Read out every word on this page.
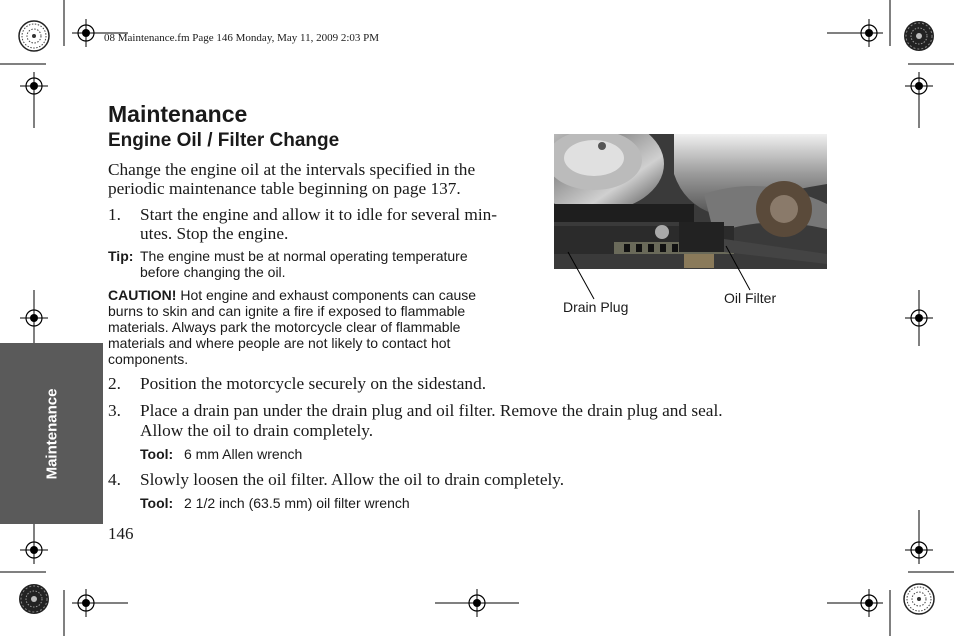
08 Maintenance.fm Page 146 Monday, May 11, 2009 2:03 PM
Maintenance
Maintenance
Engine Oil / Filter Change
Change the engine oil at the intervals specified in the
periodic maintenance table beginning on page 137.
1. Start the engine and allow it to idle for several min-
utes. Stop the engine.
Tip: The engine must be at normal operating temperature
before changing the oil.
CAUTION! Hot engine and exhaust components can cause
burns to skin and can ignite a fire if exposed to flammable
materials. Always park the motorcycle clear of flammable
materials and where people are not likely to contact hot
components.
2. Position the motorcycle securely on the sidestand.
3. Place a drain pan under the drain plug and oil filter. Remove the drain plug and seal.
Allow the oil to drain completely.
Tool: 6 mm Allen wrench
4. Slowly loosen the oil filter. Allow the oil to drain completely.
Tool: 2 1/2 inch (63.5 mm) oil filter wrench
146
Drain Plug
Oil Filter
